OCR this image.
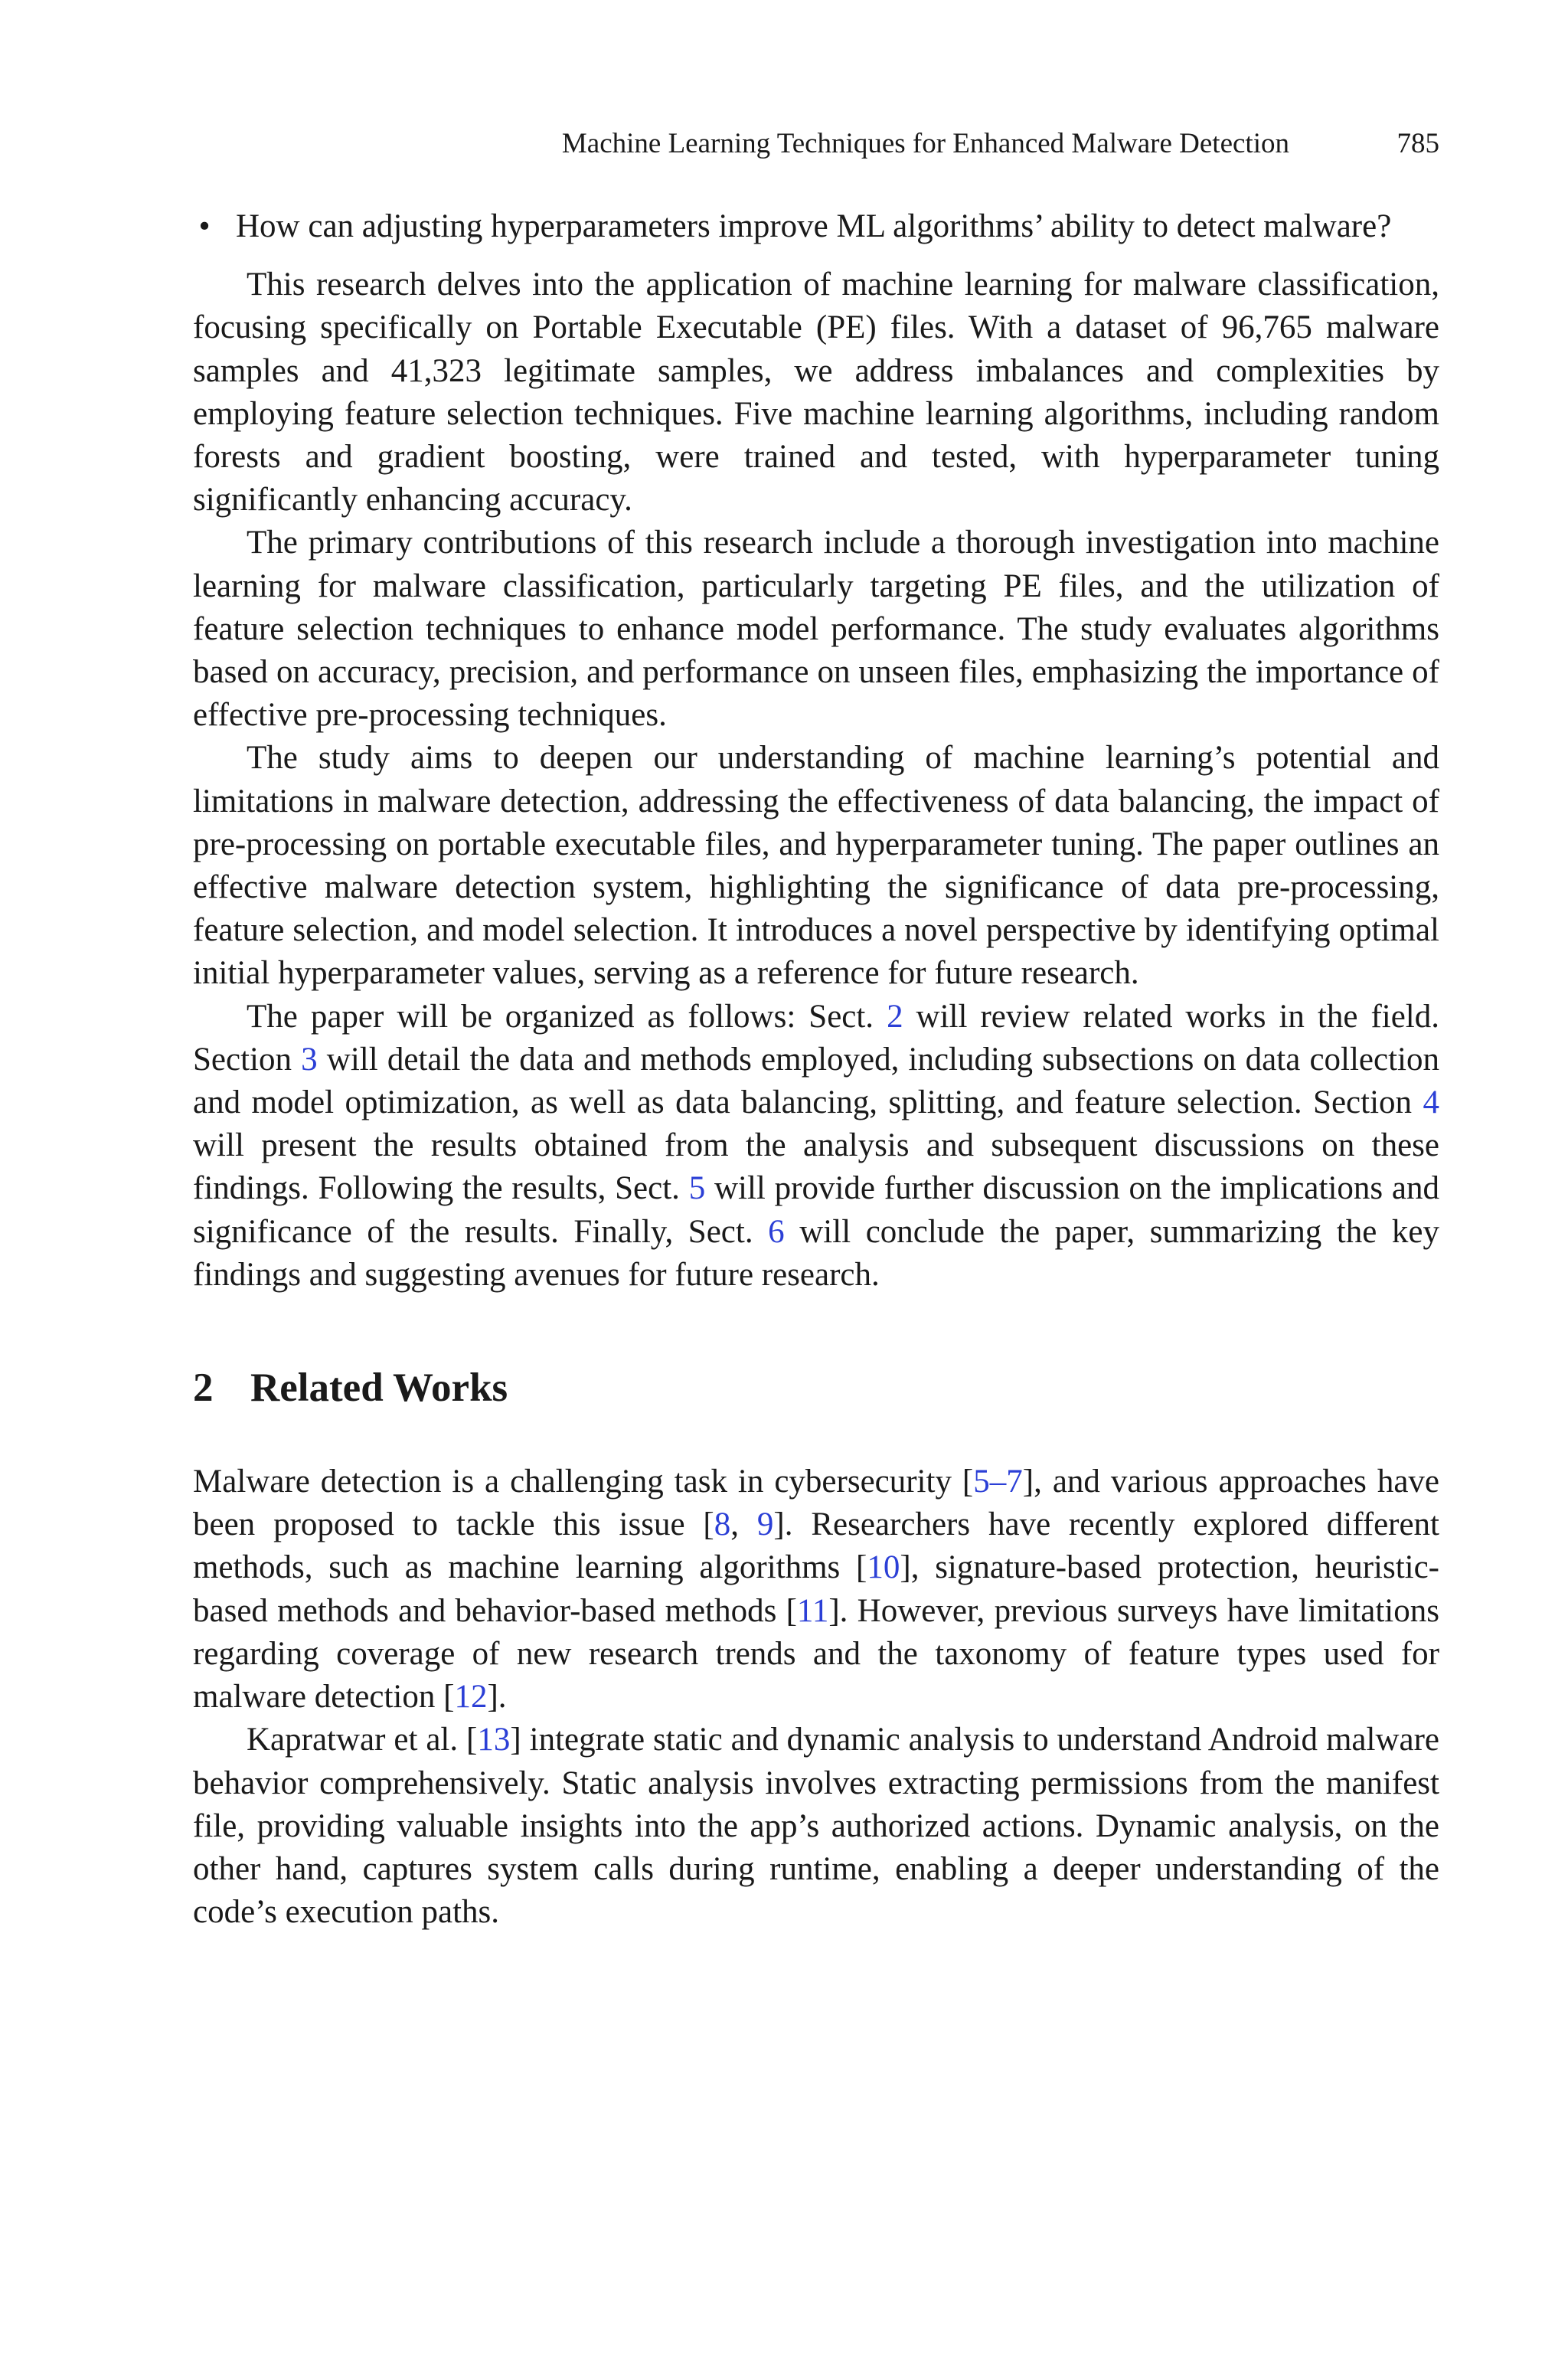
Machine Learning Techniques for Enhanced Malware Detection	785
• How can adjusting hyperparameters improve ML algorithms’ ability to detect malware?

This research delves into the application of machine learning for malware classification, focusing specifically on Portable Executable (PE) files. With a dataset of 96,765 malware samples and 41,323 legitimate samples, we address imbalances and complexities by employing feature selection techniques. Five machine learning algorithms, including random forests and gradient boosting, were trained and tested, with hyperparameter tuning significantly enhancing accuracy.

The primary contributions of this research include a thorough investigation into machine learning for malware classification, particularly targeting PE files, and the utilization of feature selection techniques to enhance model performance. The study evaluates algorithms based on accuracy, precision, and performance on unseen files, emphasizing the importance of effective pre-processing techniques.

The study aims to deepen our understanding of machine learning’s potential and limitations in malware detection, addressing the effectiveness of data balancing, the impact of pre-processing on portable executable files, and hyperparameter tuning. The paper outlines an effective malware detection system, highlighting the significance of data pre-processing, feature selection, and model selection. It introduces a novel perspective by identifying optimal initial hyperparameter values, serving as a reference for future research.

The paper will be organized as follows: Sect. 2 will review related works in the field. Section 3 will detail the data and methods employed, including subsections on data collection and model optimization, as well as data balancing, splitting, and feature selection. Section 4 will present the results obtained from the analysis and subsequent discussions on these findings. Following the results, Sect. 5 will provide further discussion on the implications and significance of the results. Finally, Sect. 6 will conclude the paper, summarizing the key findings and suggesting avenues for future research.

2 Related Works

Malware detection is a challenging task in cybersecurity [5–7], and various approaches have been proposed to tackle this issue [8, 9]. Researchers have recently explored different methods, such as machine learning algorithms [10], signature-based protection, heuristic-based methods and behavior-based methods [11]. However, previous surveys have limitations regarding coverage of new research trends and the taxonomy of feature types used for malware detection [12].

Kapratwar et al. [13] integrate static and dynamic analysis to understand Android malware behavior comprehensively. Static analysis involves extracting permissions from the manifest file, providing valuable insights into the app’s authorized actions. Dynamic analysis, on the other hand, captures system calls during runtime, enabling a deeper understanding of the code’s execution paths.
